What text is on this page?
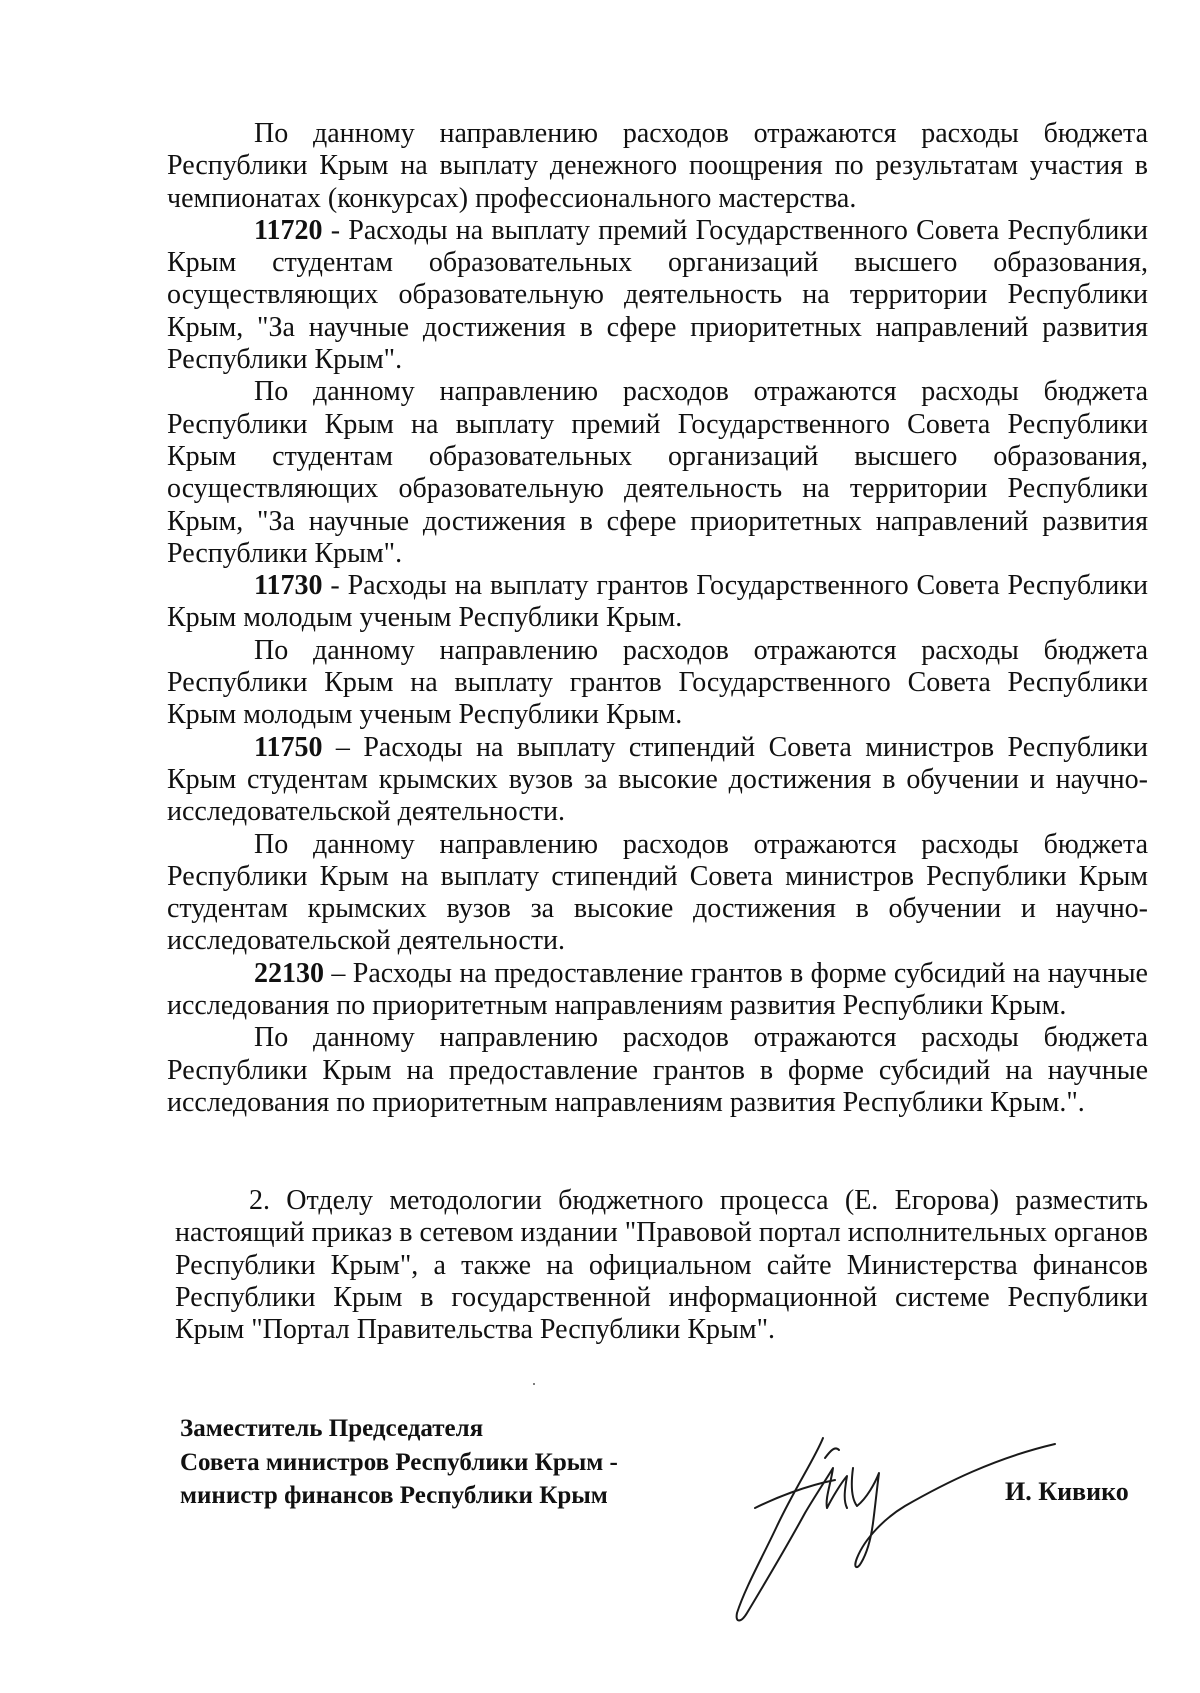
По данному направлению расходов отражаются расходы бюджета Республики Крым на выплату денежного поощрения по результатам участия в чемпионатах (конкурсах) профессионального мастерства.

11720 - Расходы на выплату премий Государственного Совета Республики Крым студентам образовательных организаций высшего образования, осуществляющих образовательную деятельность на территории Республики Крым, "За научные достижения в сфере приоритетных направлений развития Республики Крым".

По данному направлению расходов отражаются расходы бюджета Республики Крым на выплату премий Государственного Совета Республики Крым студентам образовательных организаций высшего образования, осуществляющих образовательную деятельность на территории Республики Крым, "За научные достижения в сфере приоритетных направлений развития Республики Крым".

11730 - Расходы на выплату грантов Государственного Совета Республики Крым молодым ученым Республики Крым.

По данному направлению расходов отражаются расходы бюджета Республики Крым на выплату грантов Государственного Совета Республики Крым молодым ученым Республики Крым.

11750 – Расходы на выплату стипендий Совета министров Республики Крым студентам крымских вузов за высокие достижения в обучении и научно-исследовательской деятельности.

По данному направлению расходов отражаются расходы бюджета Республики Крым на выплату стипендий Совета министров Республики Крым студентам крымских вузов за высокие достижения в обучении и научно-исследовательской деятельности.

22130 – Расходы на предоставление грантов в форме субсидий на научные исследования по приоритетным направлениям развития Республики Крым.

По данному направлению расходов отражаются расходы бюджета Республики Крым на предоставление грантов в форме субсидий на научные исследования по приоритетным направлениям развития Республики Крым.".

2. Отделу методологии бюджетного процесса (Е. Егорова) разместить настоящий приказ в сетевом издании "Правовой портал исполнительных органов Республики Крым", а также на официальном сайте Министерства финансов Республики Крым в государственной информационной системе Республики Крым "Портал Правительства Республики Крым".

Заместитель Председателя
Совета министров Республики Крым -
министр финансов Республики Крым	И. Кивико
